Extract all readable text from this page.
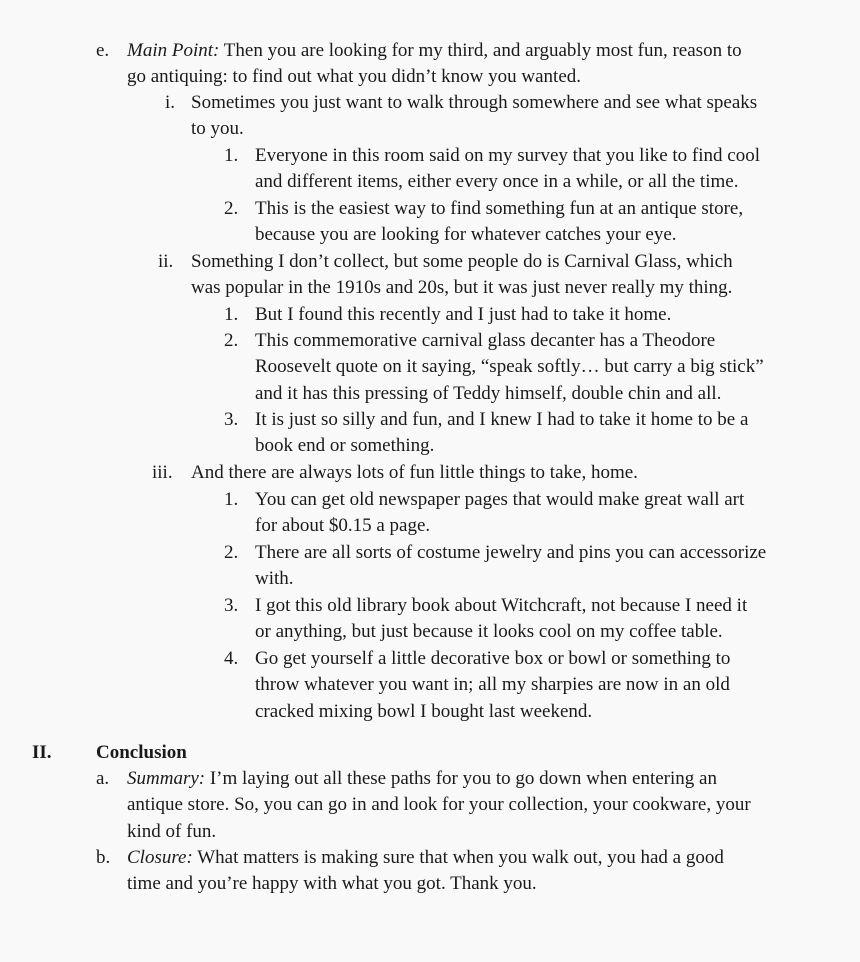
e. Main Point: Then you are looking for my third, and arguably most fun, reason to
go antiquing: to find out what you didn’t know you wanted.
i. Sometimes you just want to walk through somewhere and see what speaks
to you.
1. Everyone in this room said on my survey that you like to find cool
and different items, either every once in a while, or all the time.
2. This is the easiest way to find something fun at an antique store,
because you are looking for whatever catches your eye.
ii. Something I don’t collect, but some people do is Carnival Glass, which
was popular in the 1910s and 20s, but it was just never really my thing.
1. But I found this recently and I just had to take it home.
2. This commemorative carnival glass decanter has a Theodore
Roosevelt quote on it saying, “speak softly… but carry a big stick”
and it has this pressing of Teddy himself, double chin and all.
3. It is just so silly and fun, and I knew I had to take it home to be a
book end or something.
iii. And there are always lots of fun little things to take, home.
1. You can get old newspaper pages that would make great wall art
for about $0.15 a page.
2. There are all sorts of costume jewelry and pins you can accessorize
with.
3. I got this old library book about Witchcraft, not because I need it
or anything, but just because it looks cool on my coffee table.
4. Go get yourself a little decorative box or bowl or something to
throw whatever you want in; all my sharpies are now in an old
cracked mixing bowl I bought last weekend.
II. Conclusion
a. Summary: I’m laying out all these paths for you to go down when entering an
antique store. So, you can go in and look for your collection, your cookware, your
kind of fun.
b. Closure: What matters is making sure that when you walk out, you had a good
time and you’re happy with what you got. Thank you.
